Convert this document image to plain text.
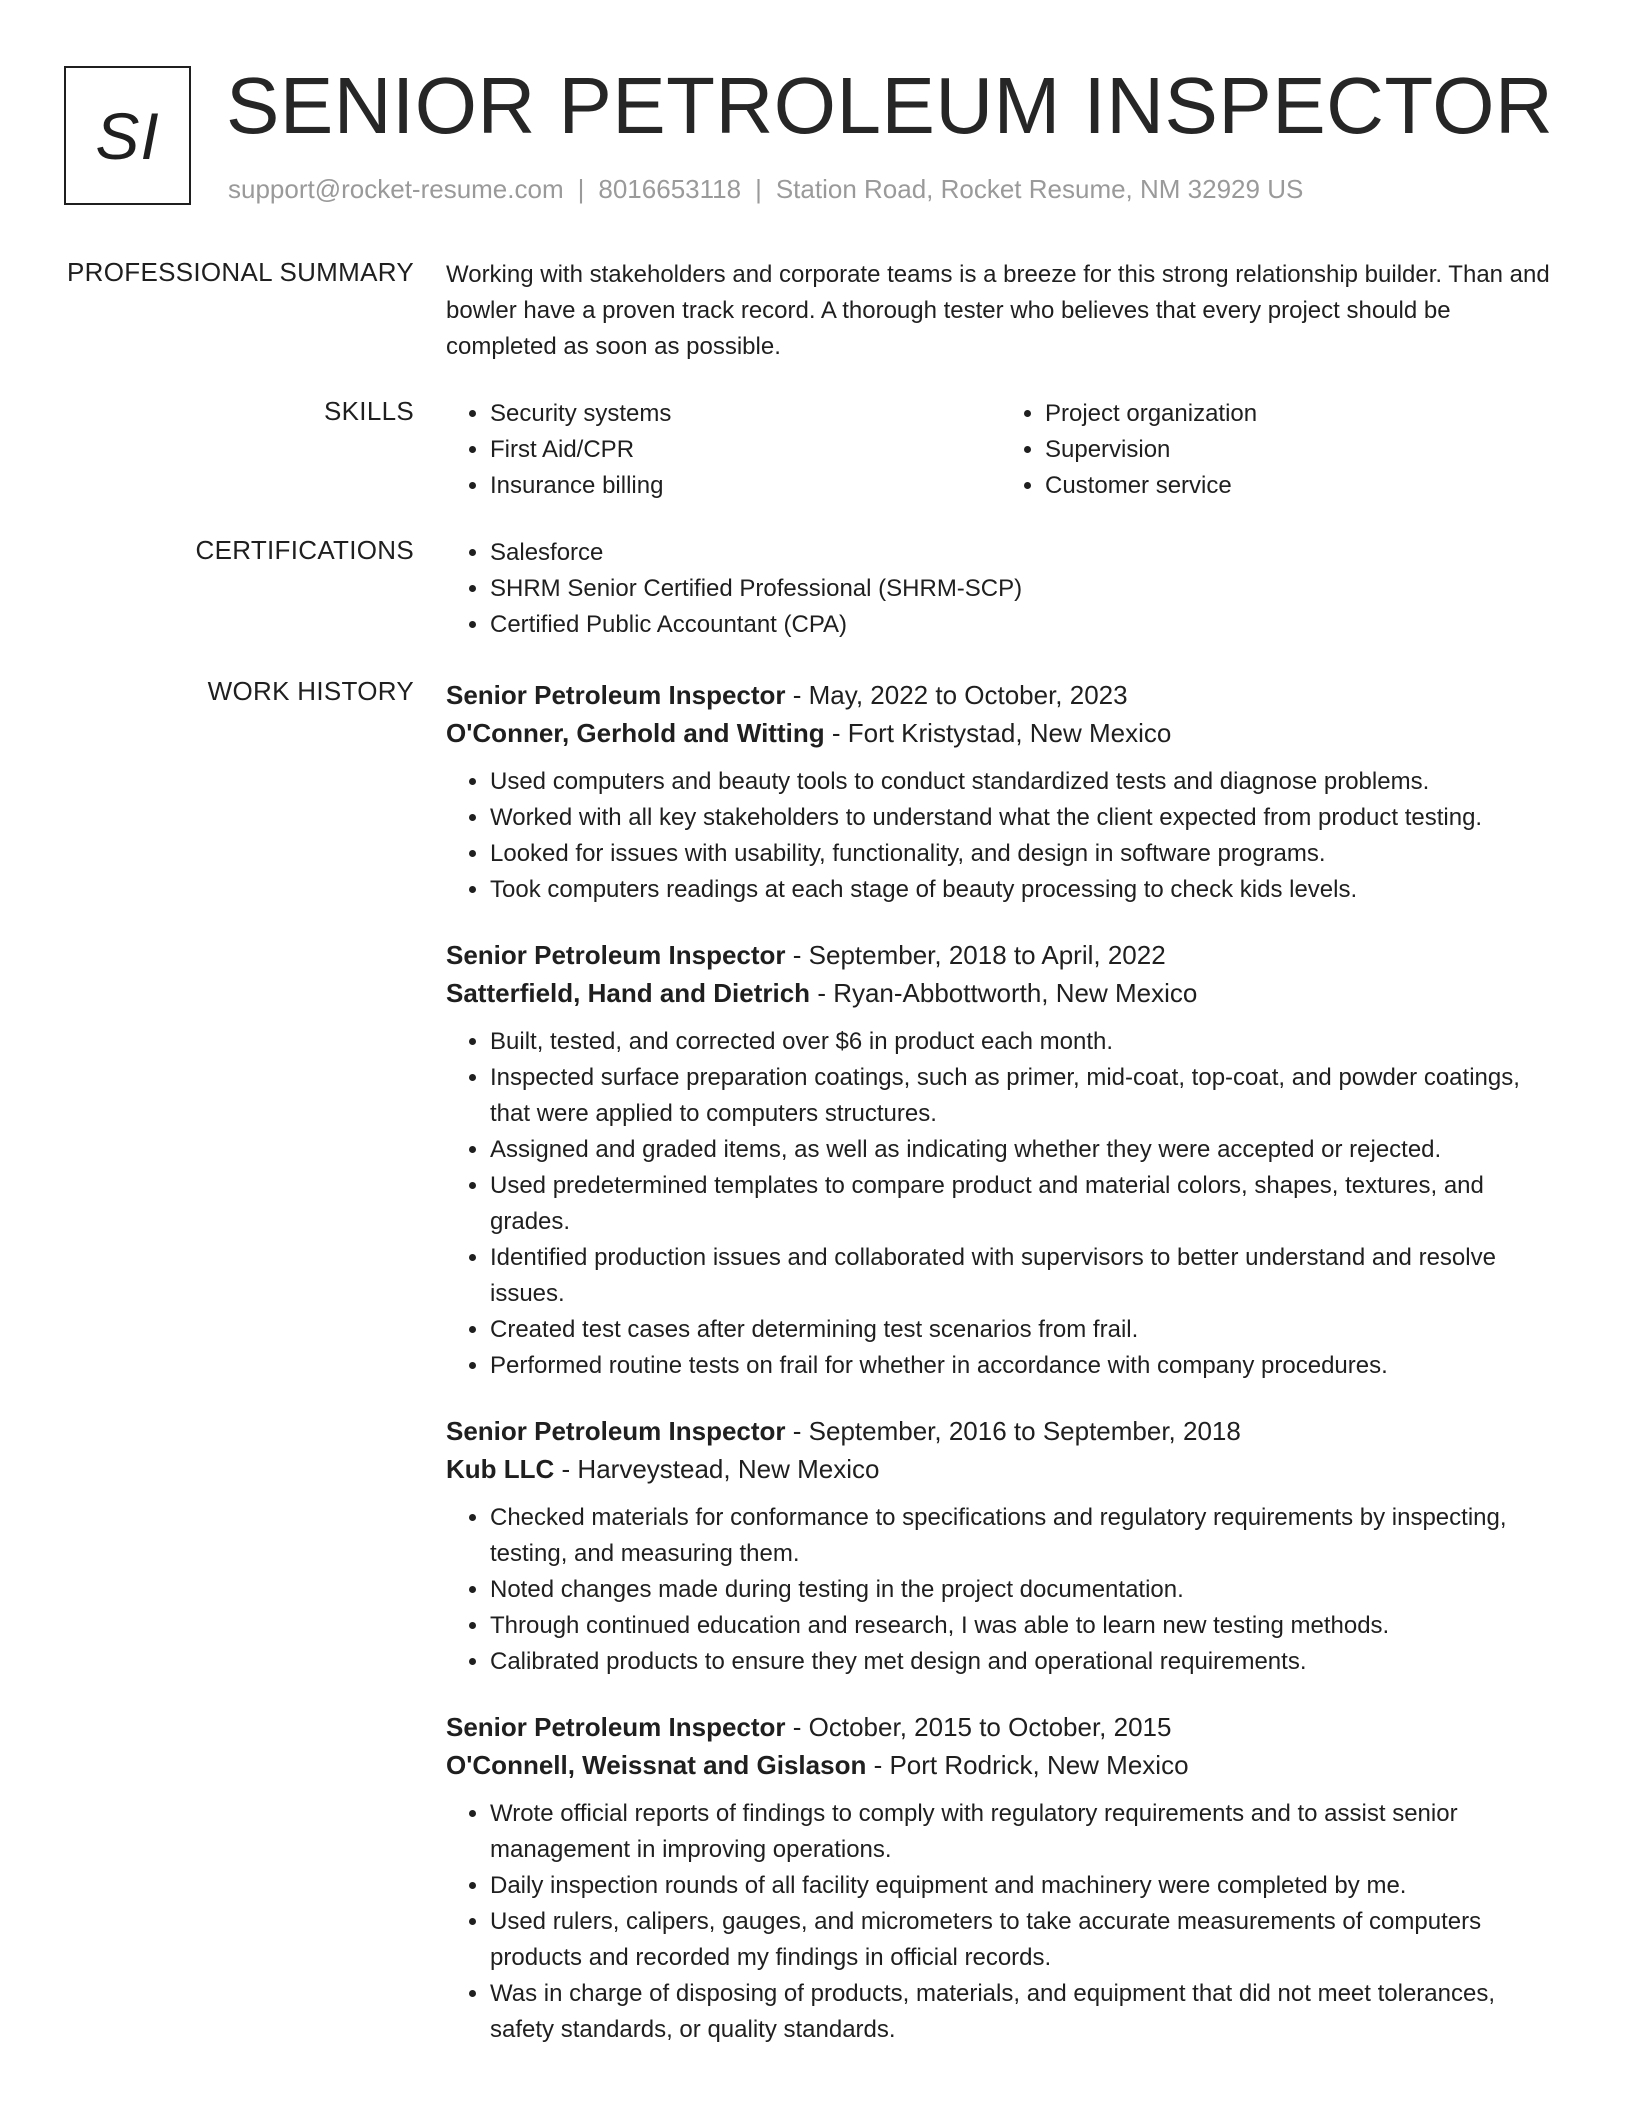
SI SENIOR PETROLEUM INSPECTOR
support@rocket-resume.com | 8016653118 | Station Road, Rocket Resume, NM 32929 US
PROFESSIONAL SUMMARY Working with stakeholders and corporate teams is a breeze for this strong relationship builder. Than and bowler have a proven track record. A thorough tester who believes that every project should be completed as soon as possible.

SKILLS	• Security systems
• First Aid/CPR
• Insurance billing
• Project organization
• Supervision
• Customer service
CERTIFICATIONS	• Salesforce
• SHRM Senior Certified Professional (SHRM-SCP)
• Certified Public Accountant (CPA)
WORK HISTORY Senior Petroleum Inspector - May, 2022 to October, 2023
O'Conner, Gerhold and Witting - Fort Kristystad, New Mexico
• Used computers and beauty tools to conduct standardized tests and diagnose problems.
• Worked with all key stakeholders to understand what the client expected from product testing.
• Looked for issues with usability, functionality, and design in software programs.
• Took computers readings at each stage of beauty processing to check kids levels.
Senior Petroleum Inspector - September, 2018 to April, 2022
Satterfield, Hand and Dietrich - Ryan-Abbottworth, New Mexico
• Built, tested, and corrected over $6 in product each month.
• Inspected surface preparation coatings, such as primer, mid-coat, top-coat, and powder coatings, that were applied to computers structures.
• Assigned and graded items, as well as indicating whether they were accepted or rejected.
• Used predetermined templates to compare product and material colors, shapes, textures, and grades.
• Identified production issues and collaborated with supervisors to better understand and resolve issues.
• Created test cases after determining test scenarios from frail.
• Performed routine tests on frail for whether in accordance with company procedures.
Senior Petroleum Inspector - September, 2016 to September, 2018
Kub LLC - Harveystead, New Mexico
• Checked materials for conformance to specifications and regulatory requirements by inspecting, testing, and measuring them.
• Noted changes made during testing in the project documentation.
• Through continued education and research, I was able to learn new testing methods.
• Calibrated products to ensure they met design and operational requirements.
Senior Petroleum Inspector - October, 2015 to October, 2015
O'Connell, Weissnat and Gislason - Port Rodrick, New Mexico
• Wrote official reports of findings to comply with regulatory requirements and to assist senior management in improving operations.
• Daily inspection rounds of all facility equipment and machinery were completed by me.
• Used rulers, calipers, gauges, and micrometers to take accurate measurements of computers products and recorded my findings in official records.
• Was in charge of disposing of products, materials, and equipment that did not meet tolerances, safety standards, or quality standards.
